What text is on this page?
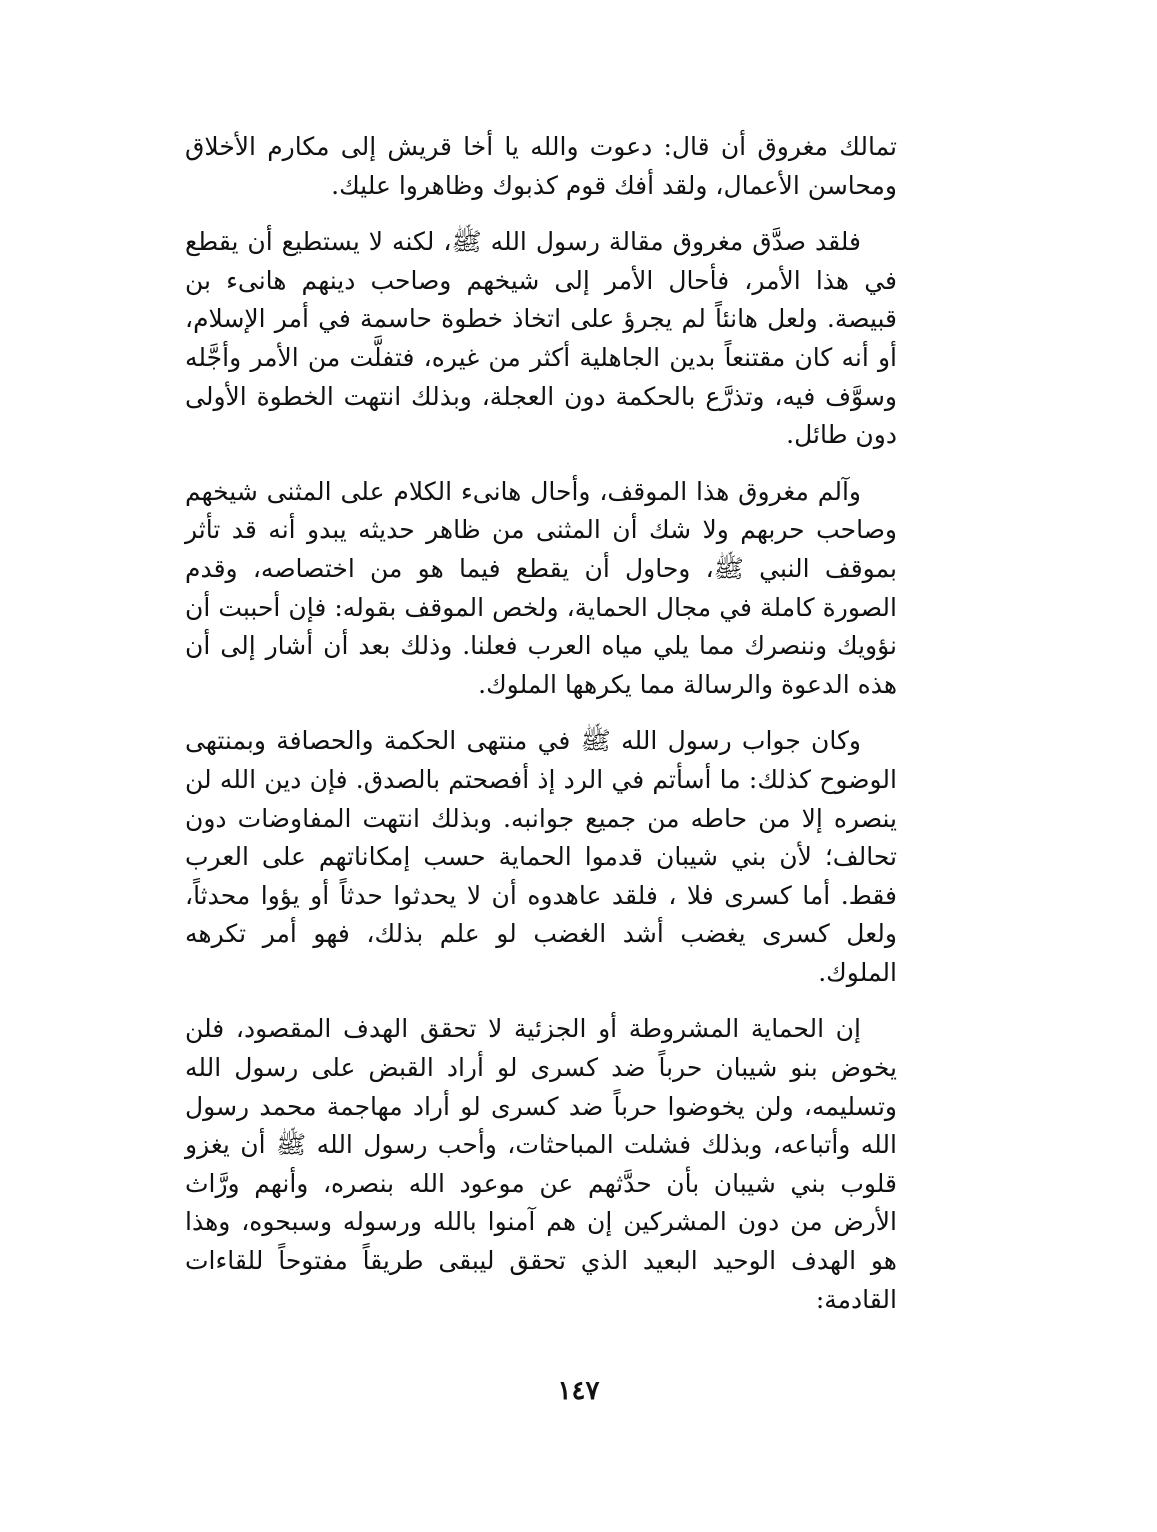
تمالك مغروق أن قال: دعوت والله يا أخا قريش إلى مكارم الأخلاق ومحاسن الأعمال، ولقد أفك قوم كذبوك وظاهروا عليك.

فلقد صدَّق مغروق مقالة رسول الله ﷺ، لكنه لا يستطيع أن يقطع في هذا الأمر، فأحال الأمر إلى شيخهم وصاحب دينهم هانىء بن قبيصة. ولعل هانئاً لم يجرؤ على اتخاذ خطوة حاسمة في أمر الإسلام، أو أنه كان مقتنعاً بدين الجاهلية أكثر من غيره، فتفلَّت من الأمر وأجَّله وسوَّف فيه، وتذرَّع بالحكمة دون العجلة، وبذلك انتهت الخطوة الأولى دون طائل.

وآلم مغروق هذا الموقف، وأحال هانىء الكلام على المثنى شيخهم وصاحب حربهم ولا شك أن المثنى من ظاهر حديثه يبدو أنه قد تأثر بموقف النبي ﷺ، وحاول أن يقطع فيما هو من اختصاصه، وقدم الصورة كاملة في مجال الحماية، ولخص الموقف بقوله: فإن أحببت أن نؤويك وننصرك مما يلي مياه العرب فعلنا. وذلك بعد أن أشار إلى أن هذه الدعوة والرسالة مما يكرهها الملوك.

وكان جواب رسول الله ﷺ في منتهى الحكمة والحصافة وبمنتهى الوضوح كذلك: ما أسأتم في الرد إذ أفصحتم بالصدق. فإن دين الله لن ينصره إلا من حاطه من جميع جوانبه. وبذلك انتهت المفاوضات دون تحالف؛ لأن بني شيبان قدموا الحماية حسب إمكاناتهم على العرب فقط. أما كسرى فلا ، فلقد عاهدوه أن لا يحدثوا حدثاً أو يؤوا محدثاً، ولعل كسرى يغضب أشد الغضب لو علم بذلك، فهو أمر تكرهه الملوك.

إن الحماية المشروطة أو الجزئية لا تحقق الهدف المقصود، فلن يخوض بنو شيبان حرباً ضد كسرى لو أراد القبض على رسول الله وتسليمه، ولن يخوضوا حرباً ضد كسرى لو أراد مهاجمة محمد رسول الله وأتباعه، وبذلك فشلت المباحثات، وأحب رسول الله ﷺ أن يغزو قلوب بني شيبان بأن حدَّثهم عن موعود الله بنصره، وأنهم ورَّاث الأرض من دون المشركين إن هم آمنوا بالله ورسوله وسبحوه، وهذا هو الهدف الوحيد البعيد الذي تحقق ليبقى طريقاً مفتوحاً للقاءات القادمة:

١٤٧
